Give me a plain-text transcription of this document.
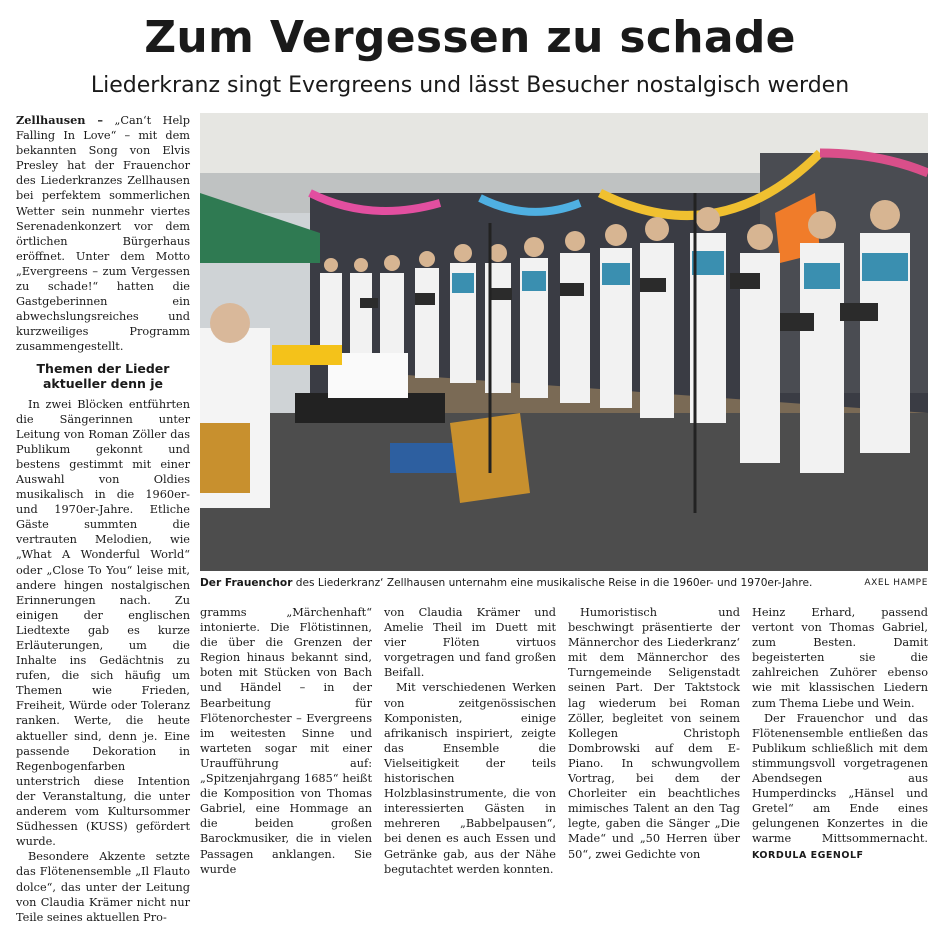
Zum Vergessen zu schade
Liederkranz singt Evergreens und lässt Besucher nostalgisch werden

Zellhausen – „Can‘t Help Falling In Love“ – mit dem bekannten Song von Elvis Presley hat der Frauenchor des Liederkranzes Zellhausen bei perfektem sommerlichen Wetter sein nunmehr viertes Serenadenkonzert vor dem örtlichen Bürgerhaus eröffnet. Unter dem Motto „Evergreens – zum Vergessen zu schade!“ hatten die Gastgeberinnen ein abwechslungsreiches und kurzweiliges Programm zusammengestellt.

Themen der Lieder aktueller denn je

In zwei Blöcken entführten die Sängerinnen unter Leitung von Roman Zöller das Publikum gekonnt und bestens gestimmt mit einer Auswahl von Oldies musikalisch in die 1960er- und 1970er-Jahre. Etliche Gäste summten die vertrauten Melodien, wie „What A Wonderful World“ oder „Close To You“ leise mit, andere hingen nostalgischen Erinnerungen nach. Zu einigen der englischen Liedtexte gab es kurze Erläuterungen, um die Inhalte ins Gedächtnis zu rufen, die sich häufig um Themen wie Frieden, Freiheit, Würde oder Toleranz ranken. Werte, die heute aktueller sind, denn je. Eine passende Dekoration in Regenbogenfarben unterstrich diese Intention der Veranstaltung, die unter anderem vom Kultursommer Südhessen (KUSS) gefördert wurde.

Besondere Akzente setzte das Flötenensemble „Il Flauto dolce“, das unter der Leitung von Claudia Krämer nicht nur Teile seines aktuellen Pro-

Der Frauenchor des Liederkranz‘ Zellhausen unternahm eine musikalische Reise in die 1960er- und 1970er-Jahre.	AXEL HAMPE

gramms „Märchenhaft“ intonierte. Die Flötistinnen, die über die Grenzen der Region hinaus bekannt sind, boten mit Stücken von Bach und Händel – in der Bearbeitung für Flötenorchester – Evergreens im weitesten Sinne und warteten sogar mit einer Uraufführung auf: „Spitzenjahrgang 1685“ heißt die Komposition von Thomas Gabriel, eine Hommage an die beiden großen Barockmusiker, die in vielen Passagen anklangen. Sie wurde

von Claudia Krämer und Amelie Theil im Duett mit vier Flöten virtuos vorgetragen und fand großen Beifall.

Mit verschiedenen Werken von zeitgenössischen Komponisten, einige afrikanisch inspiriert, zeigte das Ensemble die Vielseitigkeit der teils historischen Holzblasinstrumente, die von interessierten Gästen in mehreren „Babbelpausen“, bei denen es auch Essen und Getränke gab, aus der Nähe begutachtet werden konnten.

Humoristisch und beschwingt präsentierte der Männerchor des Liederkranz‘ mit dem Männerchor des Turngemeinde Seligenstadt seinen Part. Der Taktstock lag wiederum bei Roman Zöller, begleitet von seinem Kollegen Christoph Dombrowski auf dem E-Piano. In schwungvollem Vortrag, bei dem der Chorleiter ein beachtliches mimisches Talent an den Tag legte, gaben die Sänger „Die Made“ und „50 Herren über 50“, zwei Gedichte von

Heinz Erhard, passend vertont von Thomas Gabriel, zum Besten. Damit begeisterten sie die zahlreichen Zuhörer ebenso wie mit klassischen Liedern zum Thema Liebe und Wein.

Der Frauenchor und das Flötenensemble entließen das Publikum schließlich mit dem stimmungsvoll vorgetragenen Abendsegen aus Humperdincks „Hänsel und Gretel“ am Ende eines gelungenen Konzertes in die warme Mittsommernacht. KORDULA EGENOLF
